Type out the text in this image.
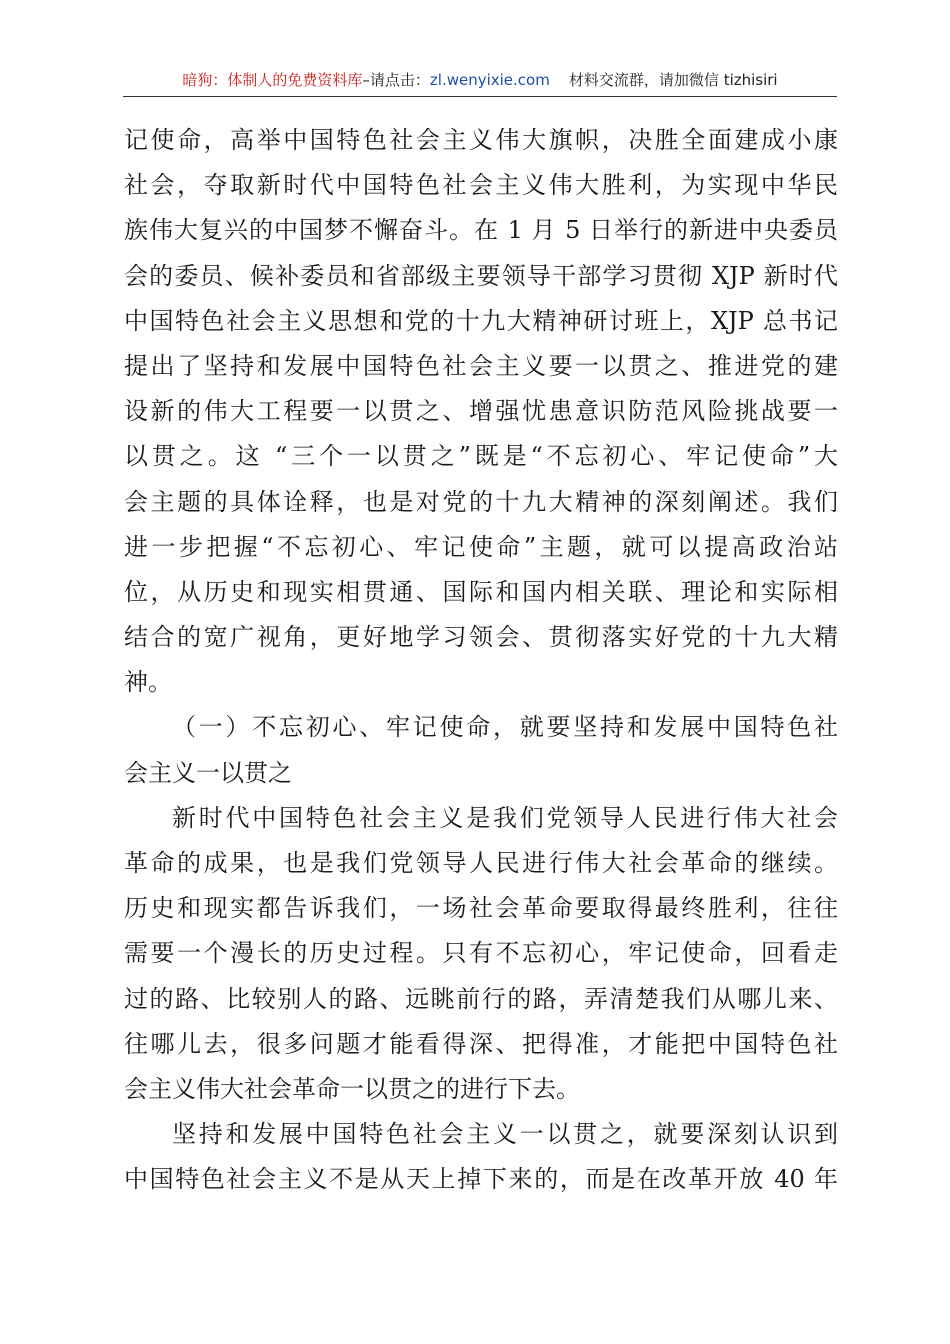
暗狗：体制人的免费资料库–请点击：zl.wenyixie.com 材料交流群，请加微信 tizhisiri
记使命，高举中国特色社会主义伟大旗帜，决胜全面建成小康
社会，夺取新时代中国特色社会主义伟大胜利，为实现中华民
族伟大复兴的中国梦不懈奋斗。在 1 月 5 日举行的新进中央委员
会的委员、候补委员和省部级主要领导干部学习贯彻 XJP 新时代
中国特色社会主义思想和党的十九大精神研讨班上，XJP 总书记
提出了坚持和发展中国特色社会主义要一以贯之、推进党的建
设新的伟大工程要一以贯之、增强忧患意识防范风险挑战要一
以贯之。这 “三个一以贯之”既是“不忘初心、牢记使命”大
会主题的具体诠释，也是对党的十九大精神的深刻阐述。我们
进一步把握“不忘初心、牢记使命”主题，就可以提高政治站
位，从历史和现实相贯通、国际和国内相关联、理论和实际相
结合的宽广视角，更好地学习领会、贯彻落实好党的十九大精
神。
（一）不忘初心、牢记使命，就要坚持和发展中国特色社
会主义一以贯之
新时代中国特色社会主义是我们党领导人民进行伟大社会
革命的成果，也是我们党领导人民进行伟大社会革命的继续。
历史和现实都告诉我们，一场社会革命要取得最终胜利，往往
需要一个漫长的历史过程。只有不忘初心，牢记使命，回看走
过的路、比较别人的路、远眺前行的路，弄清楚我们从哪儿来、
往哪儿去，很多问题才能看得深、把得准，才能把中国特色社
会主义伟大社会革命一以贯之的进行下去。
坚持和发展中国特色社会主义一以贯之，就要深刻认识到
中国特色社会主义不是从天上掉下来的，而是在改革开放 40 年
